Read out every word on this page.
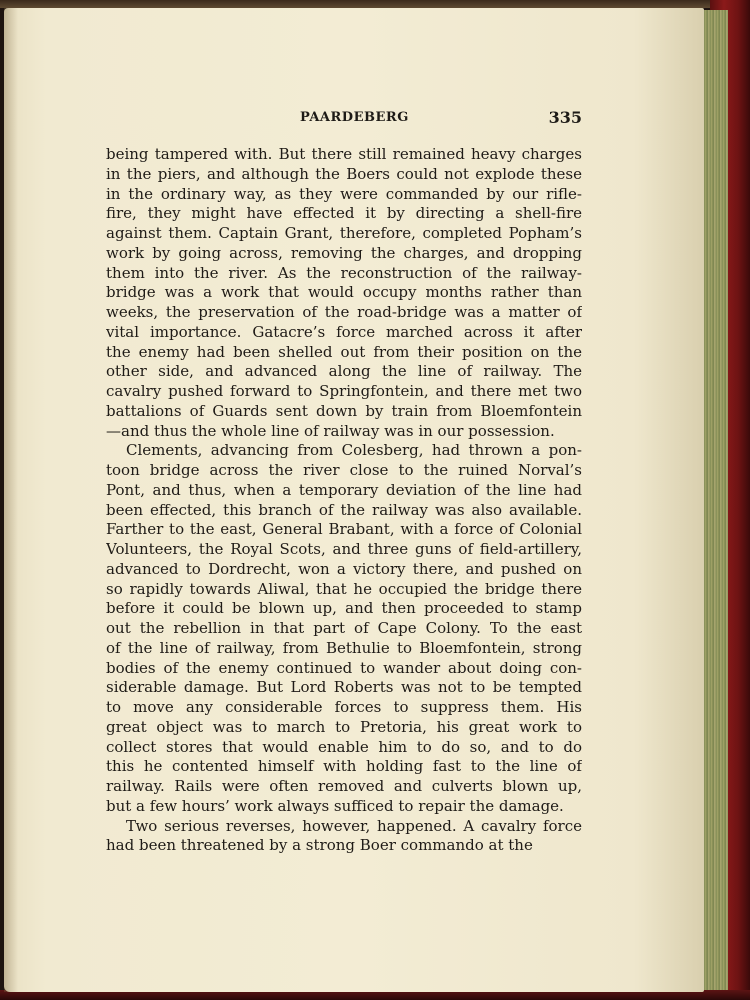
PAARDEBERG	335
being tampered with. But there still remained heavy charges
in the piers, and although the Boers could not explode these
in the ordinary way, as they were commanded by our rifle-
fire, they might have effected it by directing a shell-fire
against them. Captain Grant, therefore, completed Popham’s
work by going across, removing the charges, and dropping
them into the river. As the reconstruction of the railway-
bridge was a work that would occupy months rather than
weeks, the preservation of the road-bridge was a matter of
vital importance. Gatacre’s force marched across it after
the enemy had been shelled out from their position on the
other side, and advanced along the line of railway. The
cavalry pushed forward to Springfontein, and there met two
battalions of Guards sent down by train from Bloemfontein
—and thus the whole line of railway was in our possession.
Clements, advancing from Colesberg, had thrown a pon-
toon bridge across the river close to the ruined Norval’s
Pont, and thus, when a temporary deviation of the line had
been effected, this branch of the railway was also available.
Farther to the east, General Brabant, with a force of Colonial
Volunteers, the Royal Scots, and three guns of field-artillery,
advanced to Dordrecht, won a victory there, and pushed on
so rapidly towards Aliwal, that he occupied the bridge there
before it could be blown up, and then proceeded to stamp
out the rebellion in that part of Cape Colony. To the east
of the line of railway, from Bethulie to Bloemfontein, strong
bodies of the enemy continued to wander about doing con-
siderable damage. But Lord Roberts was not to be tempted
to move any considerable forces to suppress them. His
great object was to march to Pretoria, his great work to
collect stores that would enable him to do so, and to do
this he contented himself with holding fast to the line of
railway. Rails were often removed and culverts blown up,
but a few hours’ work always sufficed to repair the damage.
Two serious reverses, however, happened. A cavalry force
had been threatened by a strong Boer commando at the
